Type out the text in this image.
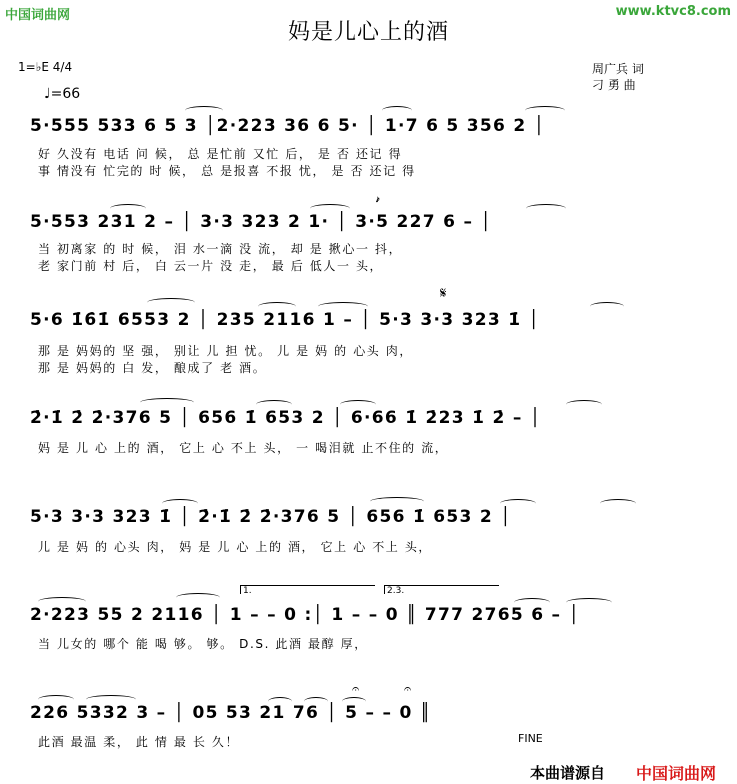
中国词曲网	www.ktvc8.com
妈是儿心上的酒
1=♭E 4/4
♩=66
周广兵 词
刁 勇 曲
5·555 533 6 5 3 │2·223 36 6 5· │ 1·7 6 5 356 2 │
好 久没有 电话 问 候， 总 是忙前 又忙 后， 是 否 还记 得
事 情没有 忙完的 时 候， 总 是报喜 不报 忧， 是 否 还记 得
𝆔
5·553 231 2 – │ 3·3 323 2 1· │ 3·5 227 6 – │
当 初离家 的 时 候， 泪 水一滴 没 流， 却 是 揪心一 抖，
老 家门前 村 后， 白 云一片 没 走， 最 后 低人一 头，
𝄋
5·6 1̇6̇1̇ 6553 2 │ 235 2116 1 – │ 5·3 3·3 323 1̇ │
那 是 妈妈的 坚 强， 别让 儿 担 忧。 儿 是 妈 的 心头 肉，
那 是 妈妈的 白 发， 酿成了 老 酒。
2̇·1̇ 2̇ 2̇·376 5 │ 656 1̇ 653 2 │ 6·66 1̇ 2̇23 1̇ 2̇ – │
妈 是 儿 心 上的 酒， 它上 心 不上 头， 一 喝泪就 止不住的 流，
5·3 3·3 323 1̇ │ 2̇·1̇ 2̇ 2̇·376 5 │ 656 1̇ 653 2 │
儿 是 妈 的 心头 肉， 妈 是 儿 心 上的 酒， 它上 心 不上 头，
1.	2.3.
2·223 55 2 2116 │ 1 – – 0 :│ 1 – – 0 ║ 777 2765 6 – │
当 儿女的 哪个 能 喝 够。 够。 D.S. 此酒 最醇 厚，
226 5332 3 – │ 05 53 21 76 │ 5 – – 0 ║
𝄐	𝄐
此酒 最温 柔， 此 情 最 长 久！	FINE
本曲谱源自 中国词曲网
